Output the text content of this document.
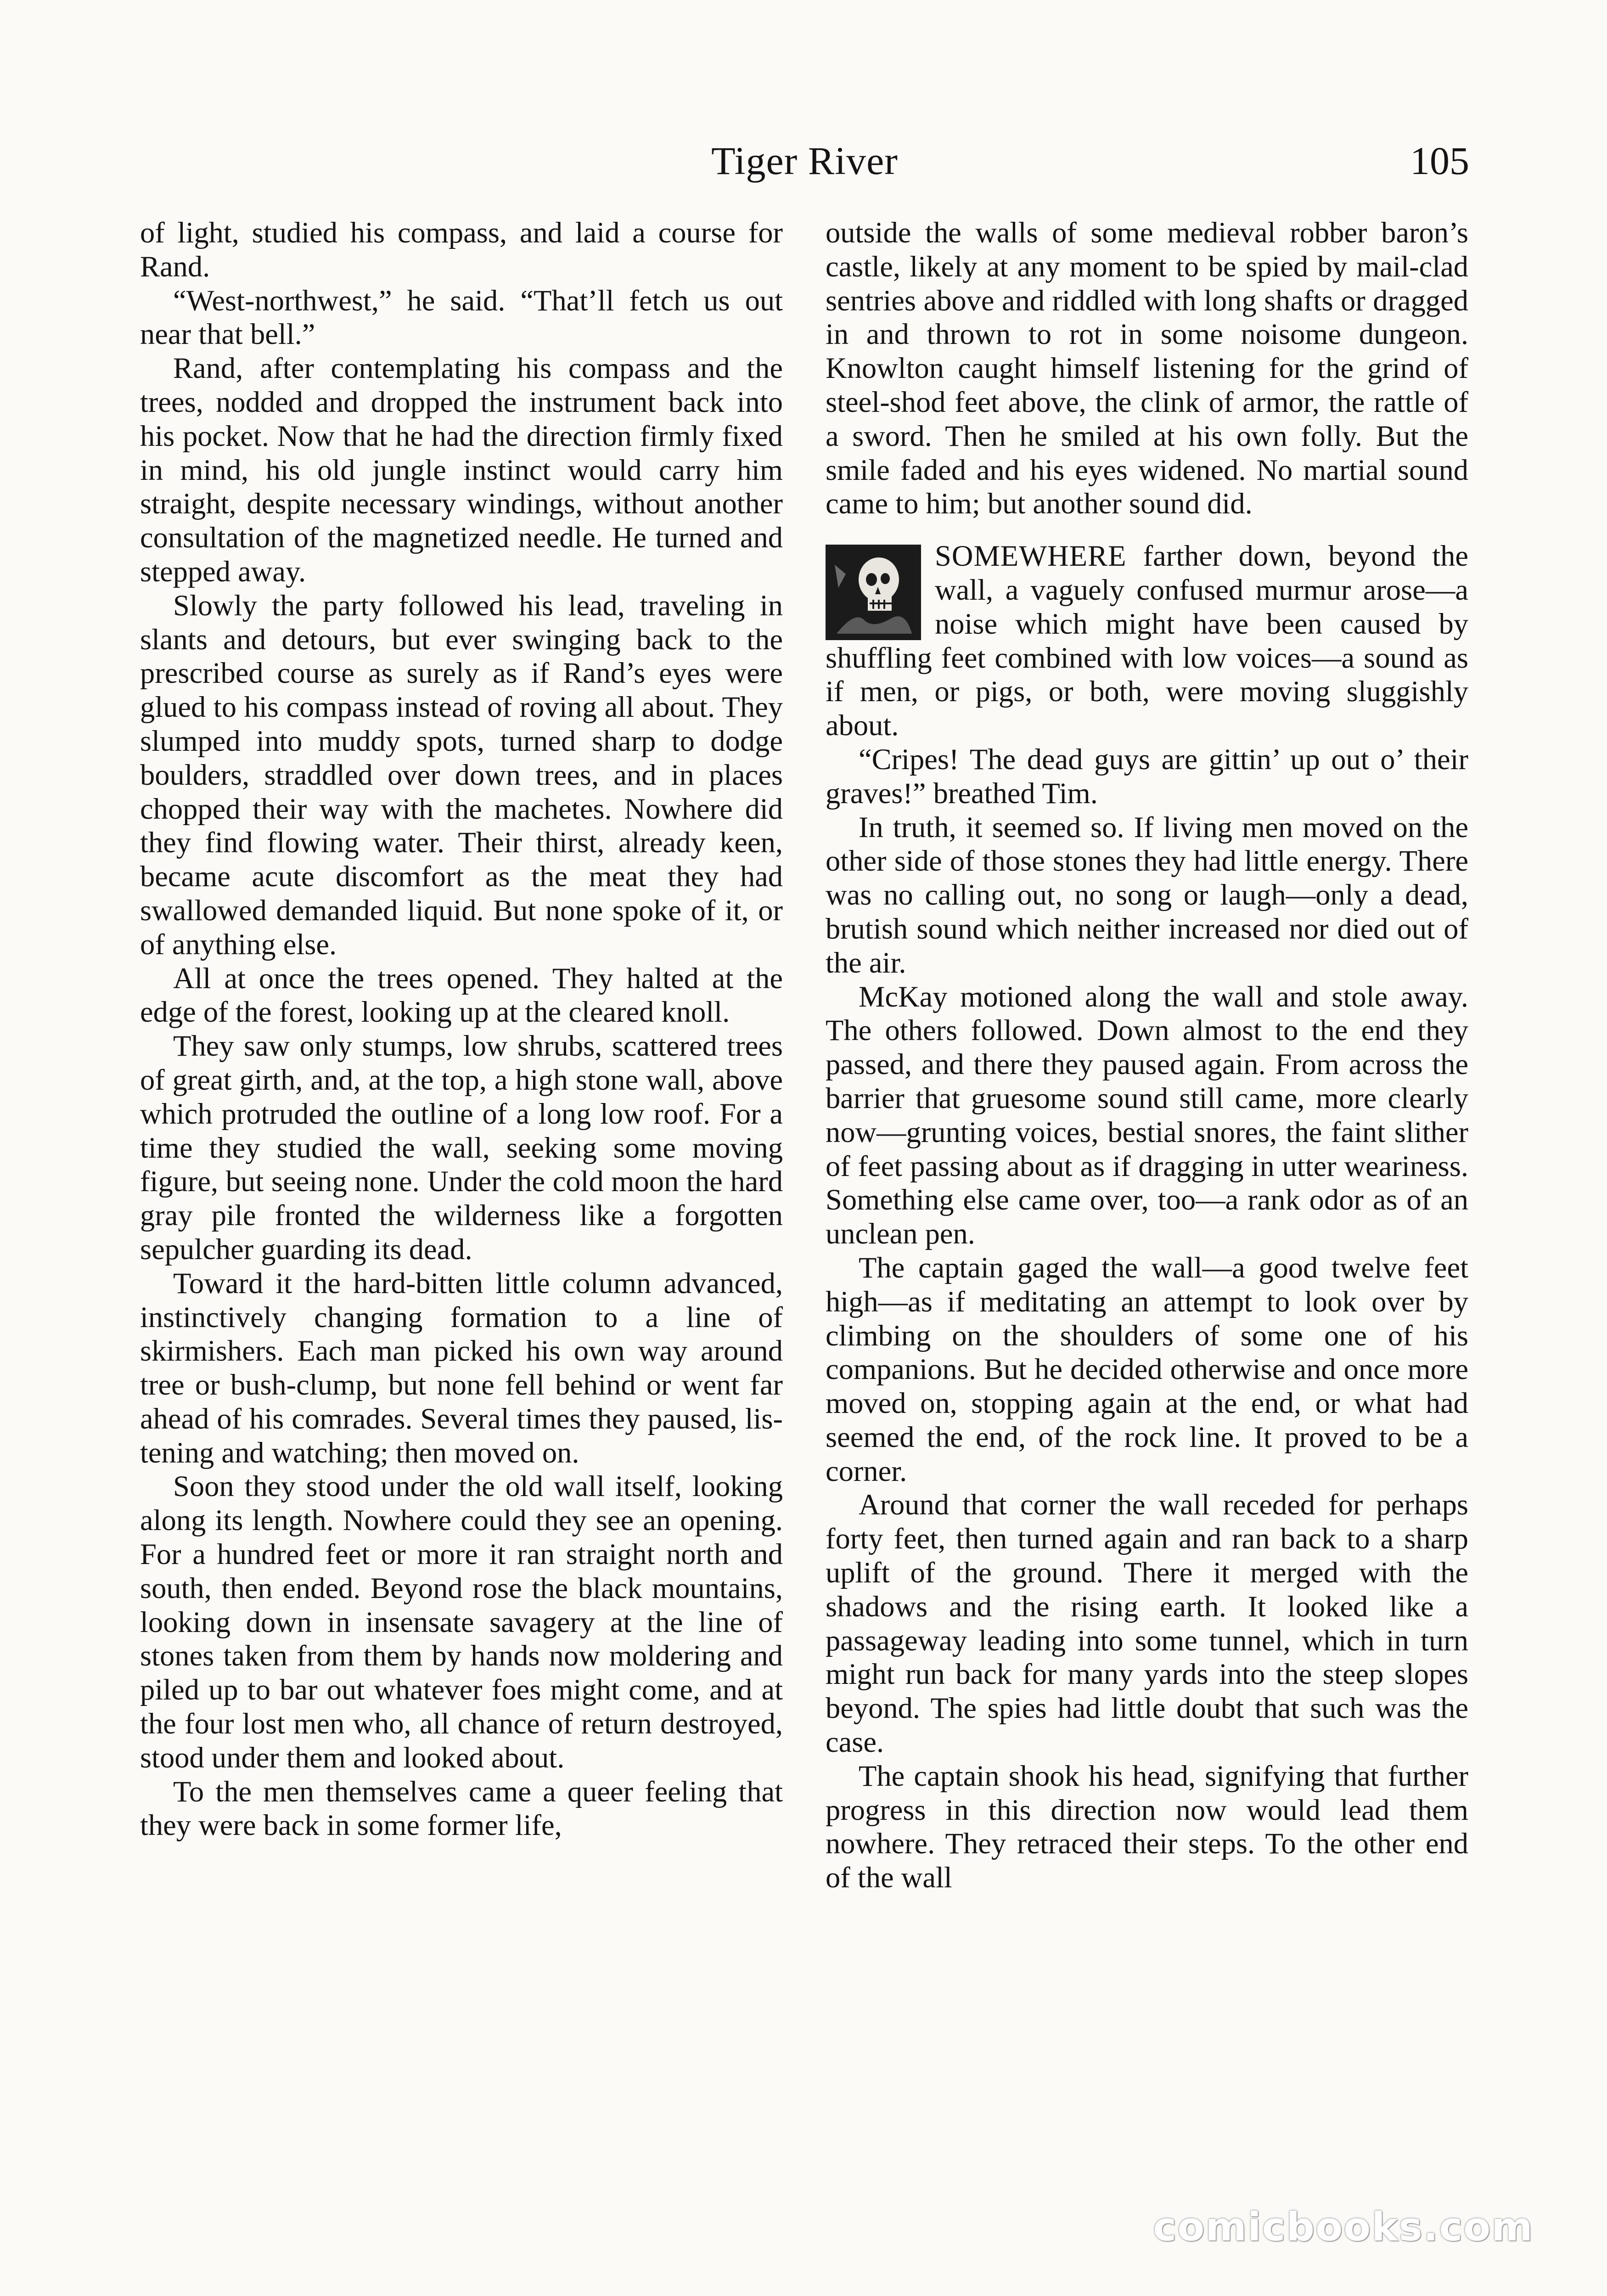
Tiger River	105

of light, studied his compass, and laid a course for Rand.

“West-northwest,” he said. “That’ll fetch us out near that bell.”

Rand, after contemplating his compass and the trees, nodded and dropped the instrument back into his pocket. Now that he had the direction firmly fixed in mind, his old jungle instinct would carry him straight, despite necessary windings, without another consultation of the magnetized needle. He turned and stepped away.

Slowly the party followed his lead, traveling in slants and detours, but ever swinging back to the prescribed course as surely as if Rand’s eyes were glued to his compass instead of roving all about. They slumped into muddy spots, turned sharp to dodge boulders, straddled over down trees, and in places chopped their way with the machetes. Nowhere did they find flowing water. Their thirst, already keen, became acute discomfort as the meat they had swallowed demanded liquid. But none spoke of it, or of anything else.

All at once the trees opened. They halted at the edge of the forest, looking up at the cleared knoll.

They saw only stumps, low shrubs, scattered trees of great girth, and, at the top, a high stone wall, above which protruded the outline of a long low roof. For a time they studied the wall, seeking some moving figure, but seeing none. Under the cold moon the hard gray pile fronted the wilderness like a forgotten sepulcher guarding its dead.

Toward it the hard-bitten little column advanced, instinctively changing formation to a line of skirmishers. Each man picked his own way around tree or bush-clump, but none fell behind or went far ahead of his comrades. Several times they paused, listening and watching; then moved on.

Soon they stood under the old wall itself, looking along its length. Nowhere could they see an opening. For a hundred feet or more it ran straight north and south, then ended. Beyond rose the black mountains, looking down in insensate savagery at the line of stones taken from them by hands now moldering and piled up to bar out whatever foes might come, and at the four lost men who, all chance of return destroyed, stood under them and looked about.

To the men themselves came a queer feeling that they were back in some former life,

outside the walls of some medieval robber baron’s castle, likely at any moment to be spied by mail-clad sentries above and riddled with long shafts or dragged in and thrown to rot in some noisome dungeon. Knowlton caught himself listening for the grind of steel-shod feet above, the clink of armor, the rattle of a sword. Then he smiled at his own folly. But the smile faded and his eyes widened. No martial sound came to him; but another sound did.

SOMEWHERE farther down, beyond the wall, a vaguely confused murmur arose—a noise which might have been caused by shuffling feet combined with low voices—a sound as if men, or pigs, or both, were moving sluggishly about.

“Cripes! The dead guys are gittin’ up out o’ their graves!” breathed Tim.

In truth, it seemed so. If living men moved on the other side of those stones they had little energy. There was no calling out, no song or laugh—only a dead, brutish sound which neither increased nor died out of the air.

McKay motioned along the wall and stole away. The others followed. Down almost to the end they passed, and there they paused again. From across the barrier that gruesome sound still came, more clearly now—grunting voices, bestial snores, the faint slither of feet passing about as if dragging in utter weariness. Something else came over, too—a rank odor as of an unclean pen.

The captain gaged the wall—a good twelve feet high—as if meditating an attempt to look over by climbing on the shoulders of some one of his companions. But he decided otherwise and once more moved on, stopping again at the end, or what had seemed the end, of the rock line. It proved to be a corner.

Around that corner the wall receded for perhaps forty feet, then turned again and ran back to a sharp uplift of the ground. There it merged with the shadows and the rising earth. It looked like a passageway leading into some tunnel, which in turn might run back for many yards into the steep slopes beyond. The spies had little doubt that such was the case.

The captain shook his head, signifying that further progress in this direction now would lead them nowhere. They retraced their steps. To the other end of the wall

comicbooks.com
